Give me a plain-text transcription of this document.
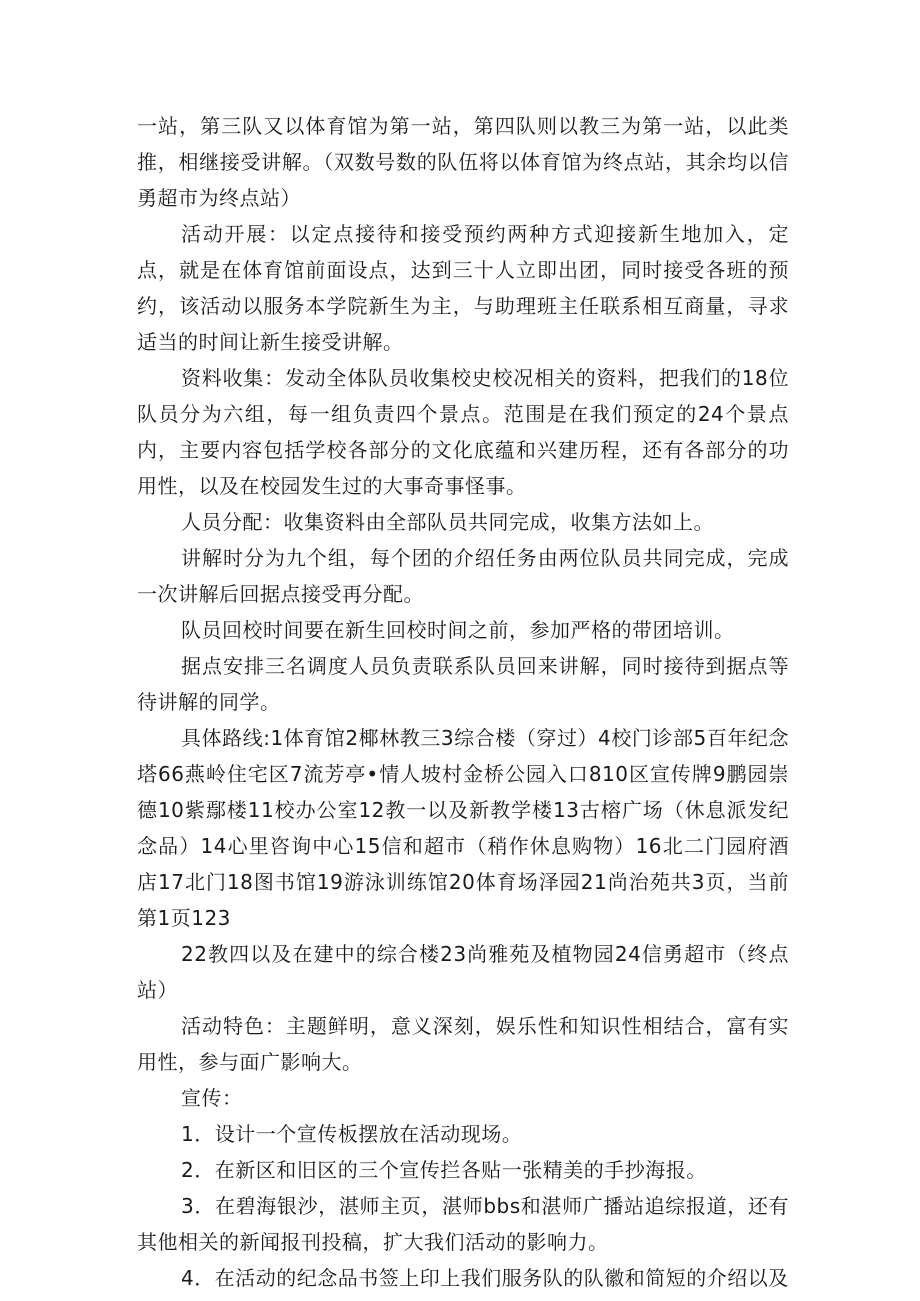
一站，第三队又以体育馆为第一站，第四队则以教三为第一站，以此类推，相继接受讲解。（双数号数的队伍将以体育馆为终点站，其余均以信勇超市为终点站）

活动开展：以定点接待和接受预约两种方式迎接新生地加入，定点，就是在体育馆前面设点，达到三十人立即出团，同时接受各班的预约，该活动以服务本学院新生为主，与助理班主任联系相互商量，寻求适当的时间让新生接受讲解。

资料收集：发动全体队员收集校史校况相关的资料，把我们的18位队员分为六组，每一组负责四个景点。范围是在我们预定的24个景点内，主要内容包括学校各部分的文化底蕴和兴建历程，还有各部分的功用性，以及在校园发生过的大事奇事怪事。

人员分配：收集资料由全部队员共同完成，收集方法如上。

讲解时分为九个组，每个团的介绍任务由两位队员共同完成，完成一次讲解后回据点接受再分配。

队员回校时间要在新生回校时间之前，参加严格的带团培训。

据点安排三名调度人员负责联系队员回来讲解，同时接待到据点等待讲解的同学。

具体路线:1体育馆2椰林教三3综合楼（穿过）4校门诊部5百年纪念塔66燕岭住宅区7流芳亭•情人坡村金桥公园入口810区宣传牌9鹏园崇德10紫鄢楼11校办公室12教一以及新教学楼13古榕广场（休息派发纪念品）14心里咨询中心15信和超市（稍作休息购物）16北二门园府酒店17北门18图书馆19游泳训练馆20体育场泽园21尚治苑共3页，当前第1页123

22教四以及在建中的综合楼23尚雅苑及植物园24信勇超市（终点站）

活动特色：主题鲜明，意义深刻，娱乐性和知识性相结合，富有实用性，参与面广影响大。

宣传：

1．设计一个宣传板摆放在活动现场。

2．在新区和旧区的三个宣传拦各贴一张精美的手抄海报。

3．在碧海银沙，湛师主页，湛师bbs和湛师广播站追综报道，还有其他相关的新闻报刊投稿，扩大我们活动的影响力。

4．在活动的纪念品书签上印上我们服务队的队徽和简短的介绍以及
